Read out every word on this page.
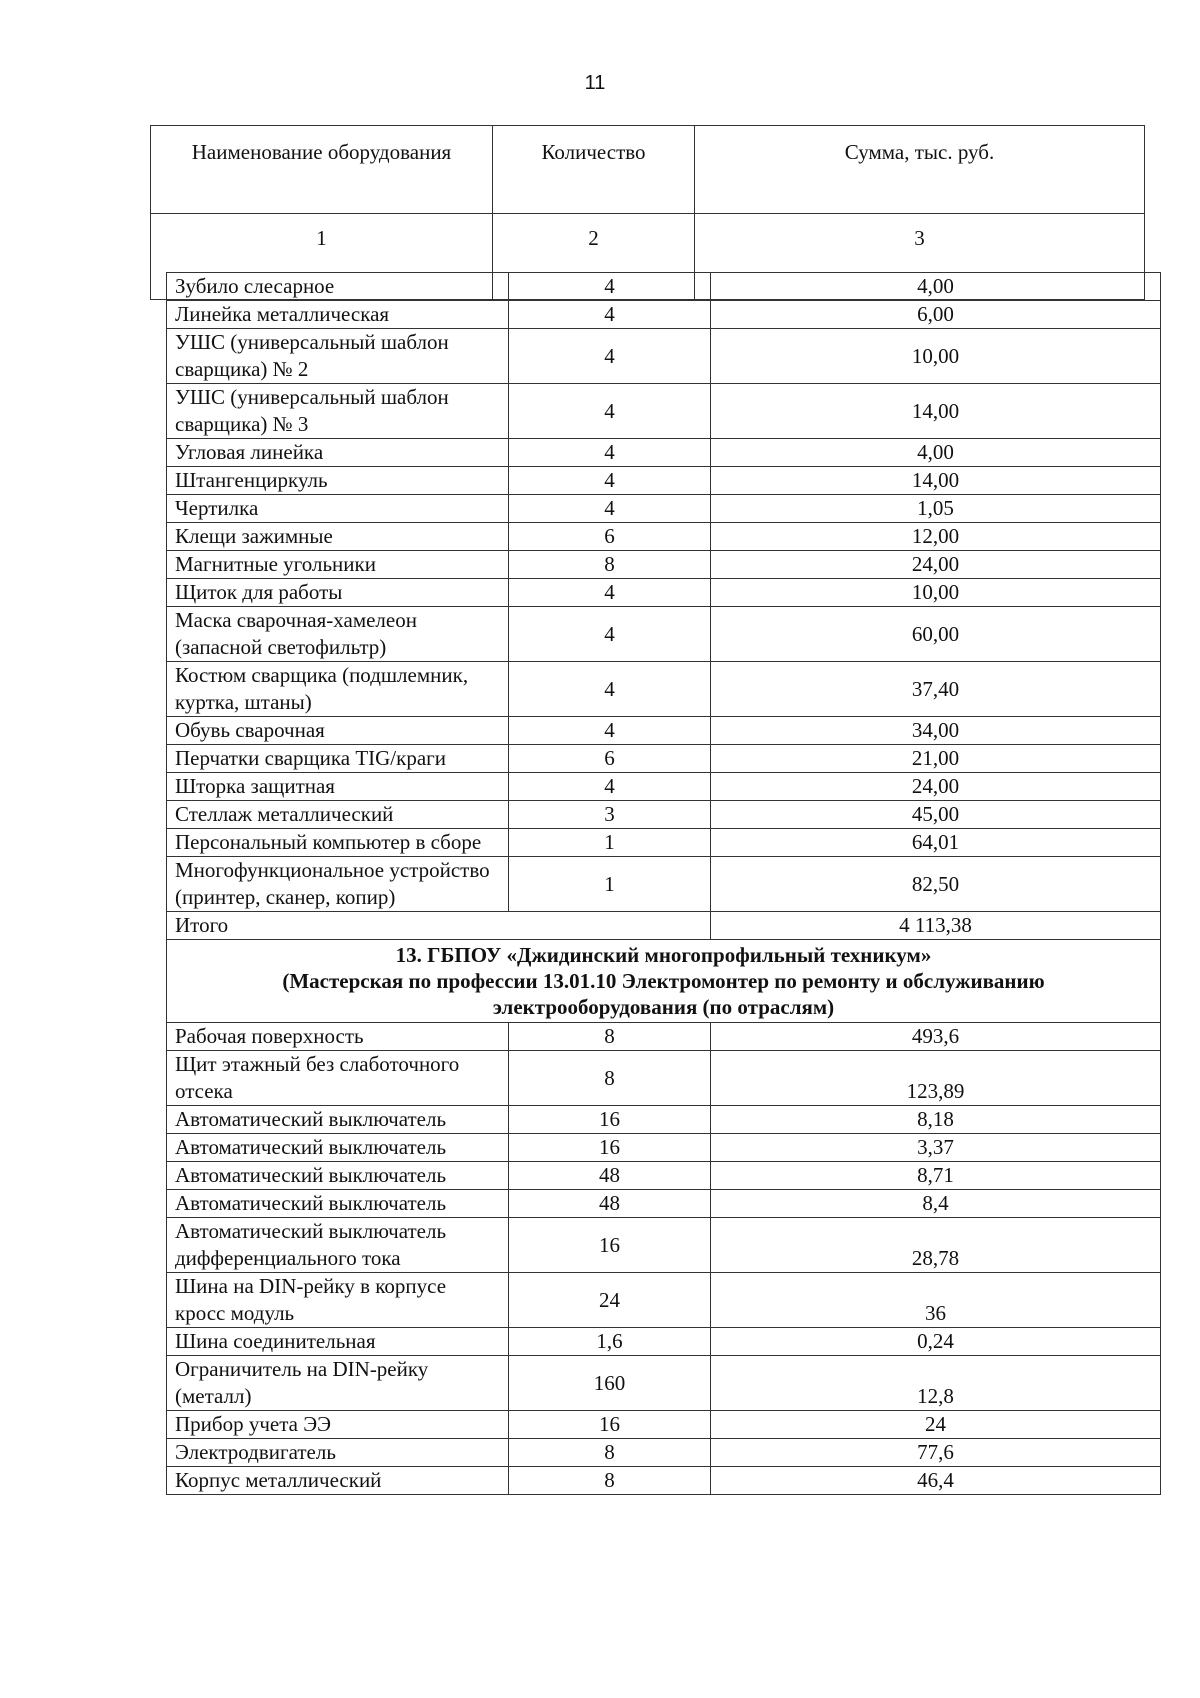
11
Наименование оборудования	Количество	Сумма, тыс. руб.
1	2	3
Зубило слесарное	4	4,00
Линейка металлическая	4	6,00
УШС (универсальный шаблон сварщика) № 2	4	10,00
УШС (универсальный шаблон сварщика) № 3	4	14,00
Угловая линейка	4	4,00
Штангенциркуль	4	14,00
Чертилка	4	1,05
Клещи зажимные	6	12,00
Магнитные угольники	8	24,00
Щиток для работы	4	10,00
Маска сварочная-хамелеон (запасной светофильтр)	4	60,00
Костюм сварщика (подшлемник, куртка, штаны)	4	37,40
Обувь сварочная	4	34,00
Перчатки сварщика TIG/краги	6	21,00
Шторка защитная	4	24,00
Стеллаж металлический	3	45,00
Персональный компьютер в сборе	1	64,01
Многофункциональное устройство (принтер, сканер, копир)	1	82,50
Итого		4 113,38

13. ГБПОУ «Джидинский многопрофильный техникум»
(Мастерская по профессии 13.01.10 Электромонтер по ремонту и обслуживанию
электрооборудования (по отраслям)		

Рабочая поверхность	8	493,6
Щит этажный без слаботочного отсека	8	123,89
Автоматический выключатель	16	8,18
Автоматический выключатель	16	3,37
Автоматический выключатель	48	8,71
Автоматический выключатель	48	8,4
Автоматический выключатель дифференциального тока	16	28,78
Шина на DIN-рейку в корпусе кросс модуль	24	36
Шина соединительная	1,6	0,24
Ограничитель на DIN-рейку (металл)	160	12,8
Прибор учета ЭЭ	16	24
Электродвигатель	8	77,6
Корпус металлический	8	46,4
